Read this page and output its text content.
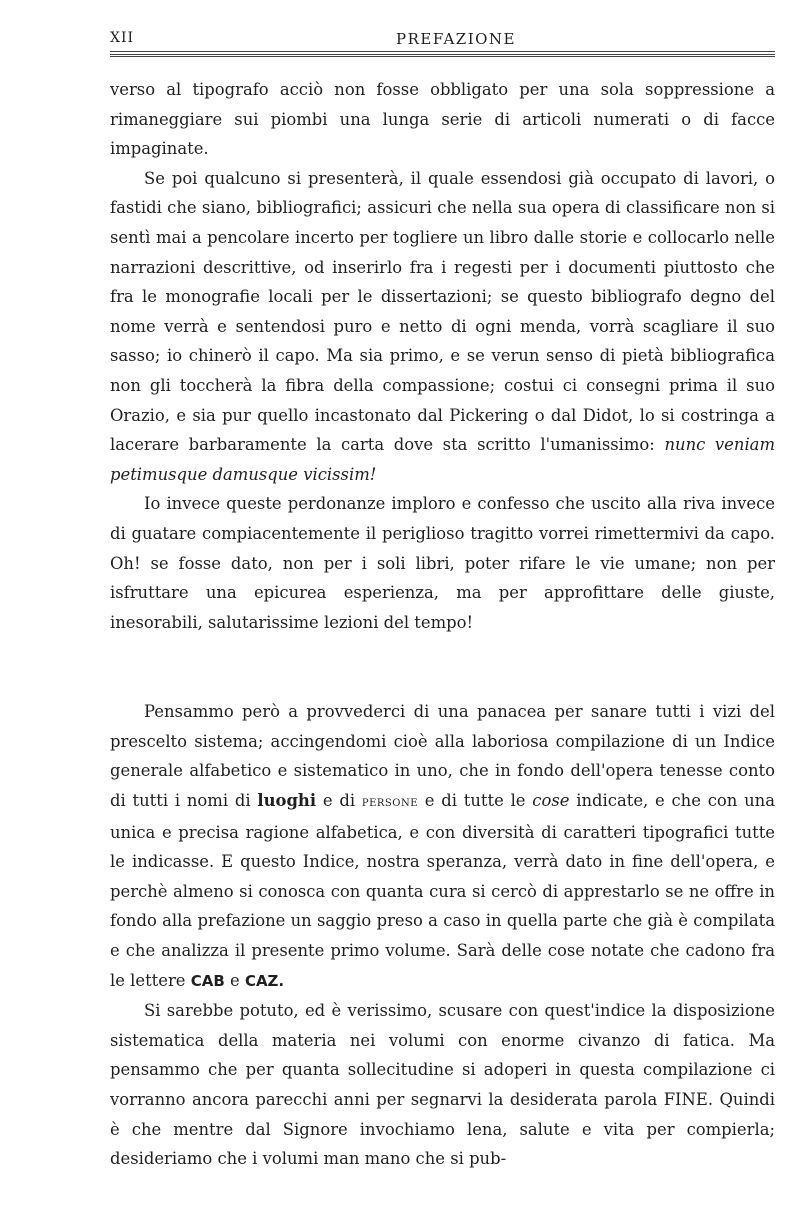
XII	PREFAZIONE

verso al tipografo acciò non fosse obbligato per una sola soppressione a rimaneggiare sui piombi una lunga serie di articoli numerati o di facce impaginate.

Se poi qualcuno si presenterà, il quale essendosi già occupato di lavori, o fastidi che siano, bibliografici; assicuri che nella sua opera di classificare non si sentì mai a pencolare incerto per togliere un libro dalle storie e collocarlo nelle narrazioni descrittive, od inserirlo fra i regesti per i documenti piuttosto che fra le monografie locali per le dissertazioni; se questo bibliografo degno del nome verrà e sentendosi puro e netto di ogni menda, vorrà scagliare il suo sasso; io chinerò il capo. Ma sia primo, e se verun senso di pietà bibliografica non gli toccherà la fibra della compassione; costui ci consegni prima il suo Orazio, e sia pur quello incastonato dal Pickering o dal Didot, lo si costringa a lacerare barbaramente la carta dove sta scritto l'umanissimo: nunc veniam petimusque damusque vicissim!

Io invece queste perdonanze imploro e confesso che uscito alla riva invece di guatare compiacentemente il periglioso tragitto vorrei rimettermivi da capo. Oh! se fosse dato, non per i soli libri, poter rifare le vie umane; non per isfruttare una epicurea esperienza, ma per approfittare delle giuste, inesorabili, salutarissime lezioni del tempo!

Pensammo però a provvederci di una panacea per sanare tutti i vizi del prescelto sistema; accingendomi cioè alla laboriosa compilazione di un Indice generale alfabetico e sistematico in uno, che in fondo dell'opera tenesse conto di tutti i nomi di luoghi e di persone e di tutte le cose indicate, e che con una unica e precisa ragione alfabetica, e con diversità di caratteri tipografici tutte le indicasse. E questo Indice, nostra speranza, verrà dato in fine dell'opera, e perchè almeno si conosca con quanta cura si cercò di apprestarlo se ne offre in fondo alla prefazione un saggio preso a caso in quella parte che già è compilata e che analizza il presente primo volume. Sarà delle cose notate che cadono fra le lettere CAB e CAZ.

Si sarebbe potuto, ed è verissimo, scusare con quest'indice la disposizione sistematica della materia nei volumi con enorme civanzo di fatica. Ma pensammo che per quanta sollecitudine si adoperi in questa compilazione ci vorranno ancora parecchi anni per segnarvi la desiderata parola FINE. Quindi è che mentre dal Signore invochiamo lena, salute e vita per compierla; desideriamo che i volumi man mano che si pub-
